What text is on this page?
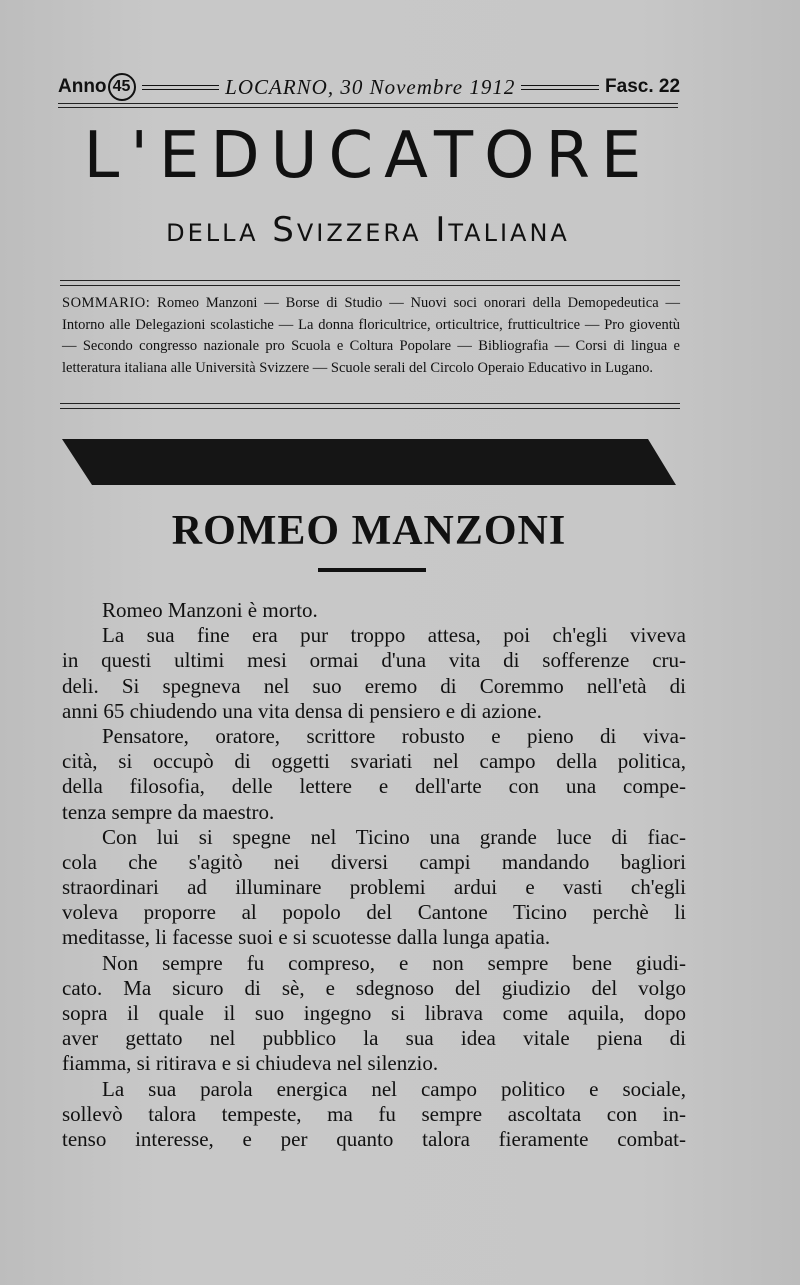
Anno 45	LOCARNO, 30 Novembre 1912	Fasc. 22
L'EDUCATORE
della Svizzera Italiana
SOMMARIO: Romeo Manzoni — Borse di Studio — Nuovi soci onorari della Demopedeutica — Intorno alle Delegazioni scolastiche — La donna floricultrice, orticultrice, frutticultrice — Pro gioventù — Secondo congresso nazionale pro Scuola e Coltura Popolare — Bibliografia — Corsi di lingua e letteratura italiana alle Università Svizzere — Scuole serali del Circolo Operaio Educativo in Lugano.
ROMEO MANZONI
Romeo Manzoni è morto.
La sua fine era pur troppo attesa, poi ch'egli viveva
in questi ultimi mesi ormai d'una vita di sofferenze cru-
deli. Si spegneva nel suo eremo di Coremmo nell'età di
anni 65 chiudendo una vita densa di pensiero e di azione.
Pensatore, oratore, scrittore robusto e pieno di viva-
cità, si occupò di oggetti svariati nel campo della politica,
della filosofia, delle lettere e dell'arte con una compe-
tenza sempre da maestro.
Con lui si spegne nel Ticino una grande luce di fiac-
cola che s'agitò nei diversi campi mandando bagliori
straordinari ad illuminare problemi ardui e vasti ch'egli
voleva proporre al popolo del Cantone Ticino perchè li
meditasse, li facesse suoi e si scuotesse dalla lunga apatia.
Non sempre fu compreso, e non sempre bene giudi-
cato. Ma sicuro di sè, e sdegnoso del giudizio del volgo
sopra il quale il suo ingegno si librava come aquila, dopo
aver gettato nel pubblico la sua idea vitale piena di
fiamma, si ritirava e si chiudeva nel silenzio.
La sua parola energica nel campo politico e sociale,
sollevò talora tempeste, ma fu sempre ascoltata con in-
tenso interesse, e per quanto talora fieramente combat-
